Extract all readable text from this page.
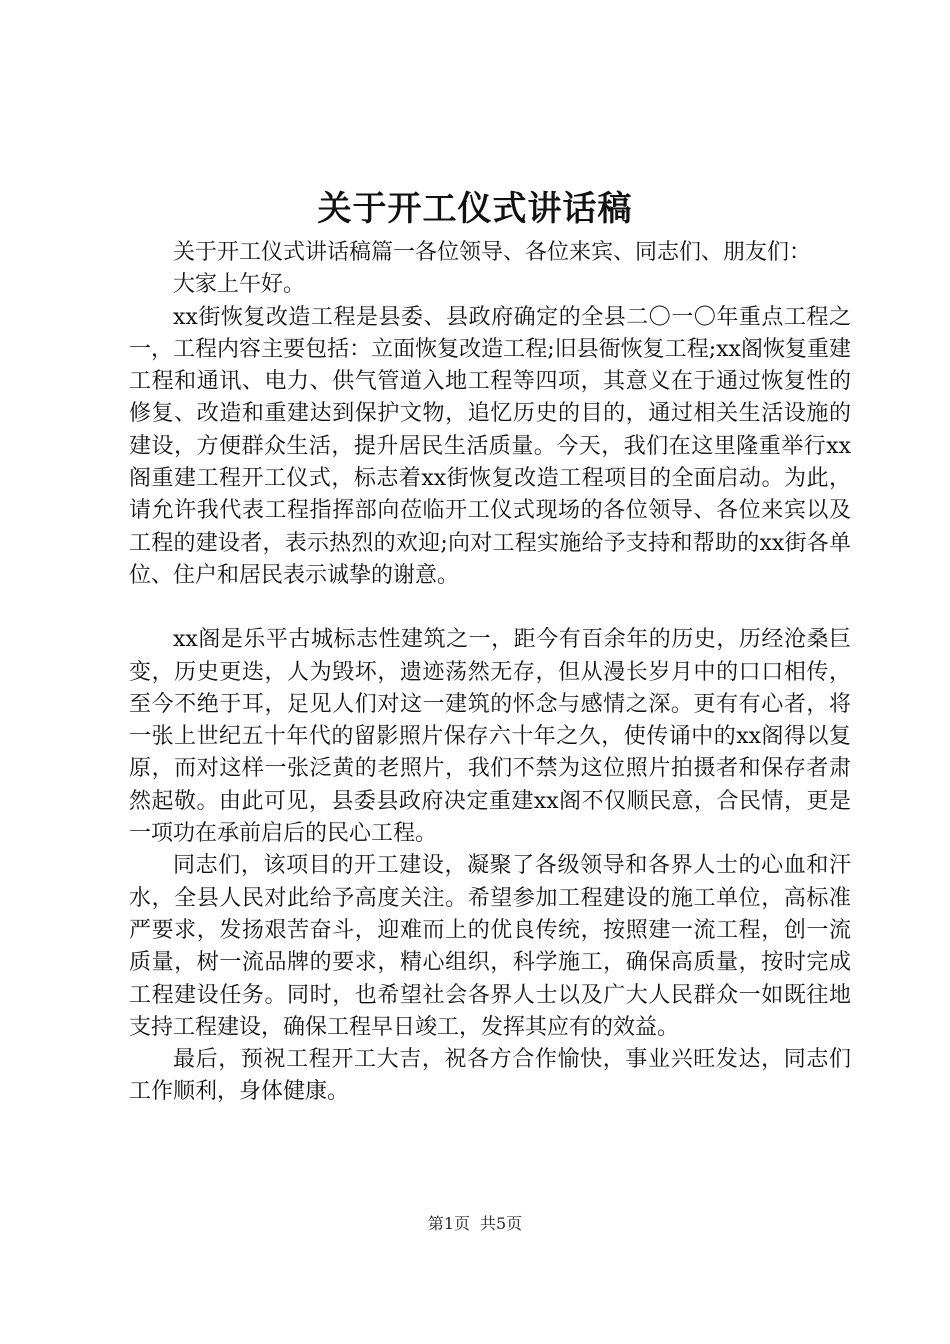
关于开工仪式讲话稿

关于开工仪式讲话稿篇一各位领导、各位来宾、同志们、朋友们：

大家上午好。

xx街恢复改造工程是县委、县政府确定的全县二〇一〇年重点工程之一，工程内容主要包括：立面恢复改造工程;旧县衙恢复工程;xx阁恢复重建工程和通讯、电力、供气管道入地工程等四项，其意义在于通过恢复性的修复、改造和重建达到保护文物，追忆历史的目的，通过相关生活设施的建设，方便群众生活，提升居民生活质量。今天，我们在这里隆重举行xx阁重建工程开工仪式，标志着xx街恢复改造工程项目的全面启动。为此，请允许我代表工程指挥部向莅临开工仪式现场的各位领导、各位来宾以及工程的建设者，表示热烈的欢迎;向对工程实施给予支持和帮助的xx街各单位、住户和居民表示诚挚的谢意。

xx阁是乐平古城标志性建筑之一，距今有百余年的历史，历经沧桑巨变，历史更迭，人为毁坏，遗迹荡然无存，但从漫长岁月中的口口相传，至今不绝于耳，足见人们对这一建筑的怀念与感情之深。更有有心者，将一张上世纪五十年代的留影照片保存六十年之久，使传诵中的xx阁得以复原，而对这样一张泛黄的老照片，我们不禁为这位照片拍摄者和保存者肃然起敬。由此可见，县委县政府决定重建xx阁不仅顺民意，合民情，更是一项功在承前启后的民心工程。

同志们，该项目的开工建设，凝聚了各级领导和各界人士的心血和汗水，全县人民对此给予高度关注。希望参加工程建设的施工单位，高标准严要求，发扬艰苦奋斗，迎难而上的优良传统，按照建一流工程，创一流质量，树一流品牌的要求，精心组织，科学施工，确保高质量，按时完成工程建设任务。同时，也希望社会各界人士以及广大人民群众一如既往地支持工程建设，确保工程早日竣工，发挥其应有的效益。

最后，预祝工程开工大吉，祝各方合作愉快，事业兴旺发达，同志们工作顺利，身体健康。

第1页 共5页
